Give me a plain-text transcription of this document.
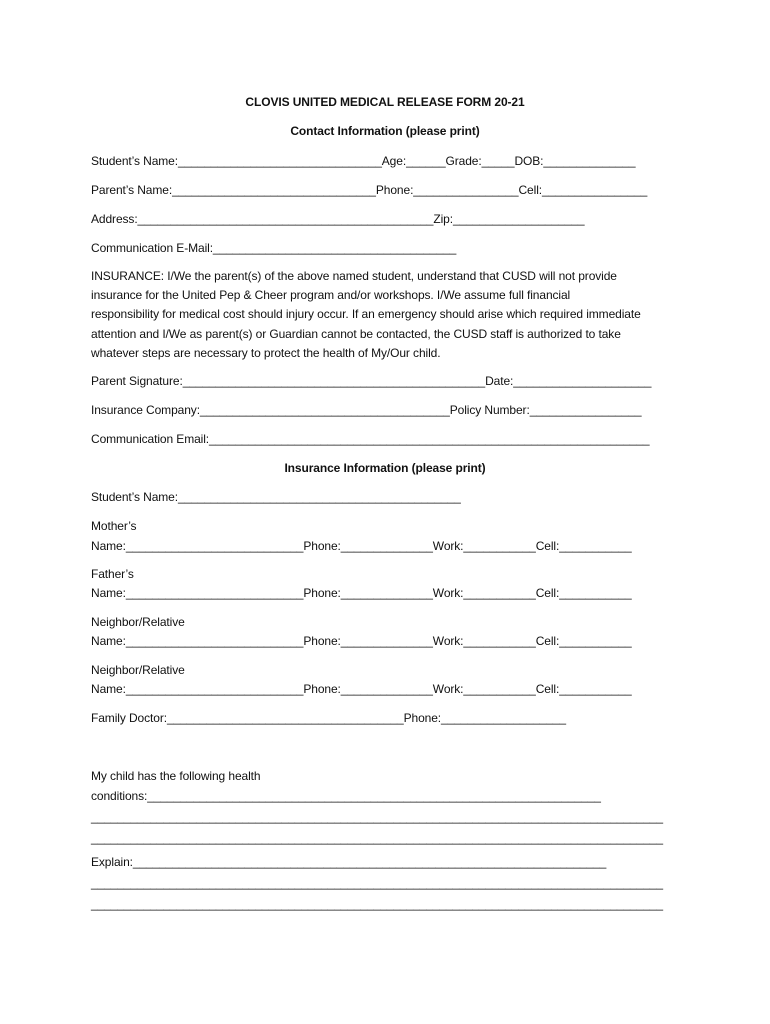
CLOVIS UNITED MEDICAL RELEASE FORM 20-21
Contact Information (please print)
Student’s Name:_______________________________Age:______Grade:_____DOB:______________
Parent’s Name:_______________________________Phone:________________Cell:________________
Address:_____________________________________________Zip:____________________
Communication E-Mail:_____________________________________
INSURANCE: I/We the parent(s) of the above named student, understand that CUSD will not provide insurance for the United Pep & Cheer program and/or workshops. I/We assume full financial responsibility for medical cost should injury occur. If an emergency should arise which required immediate attention and I/We as parent(s) or Guardian cannot be contacted, the CUSD staff is authorized to take whatever steps are necessary to protect the health of My/Our child.
Parent Signature:______________________________________________Date:_____________________
Insurance Company:______________________________________Policy Number:_________________
Communication Email:___________________________________________________________________
Insurance Information (please print)
Student’s Name:___________________________________________
Mother’s
Name:___________________________Phone:______________Work:___________Cell:___________
Father’s
Name:___________________________Phone:______________Work:___________Cell:___________
Neighbor/Relative
Name:___________________________Phone:______________Work:___________Cell:___________
Neighbor/Relative
Name:___________________________Phone:______________Work:___________Cell:___________
Family Doctor:____________________________________Phone:___________________
My child has the following health
conditions:_____________________________________________________________________
_______________________________________________________________________________________
_______________________________________________________________________________________
Explain:________________________________________________________________________
_______________________________________________________________________________________
_______________________________________________________________________________________
